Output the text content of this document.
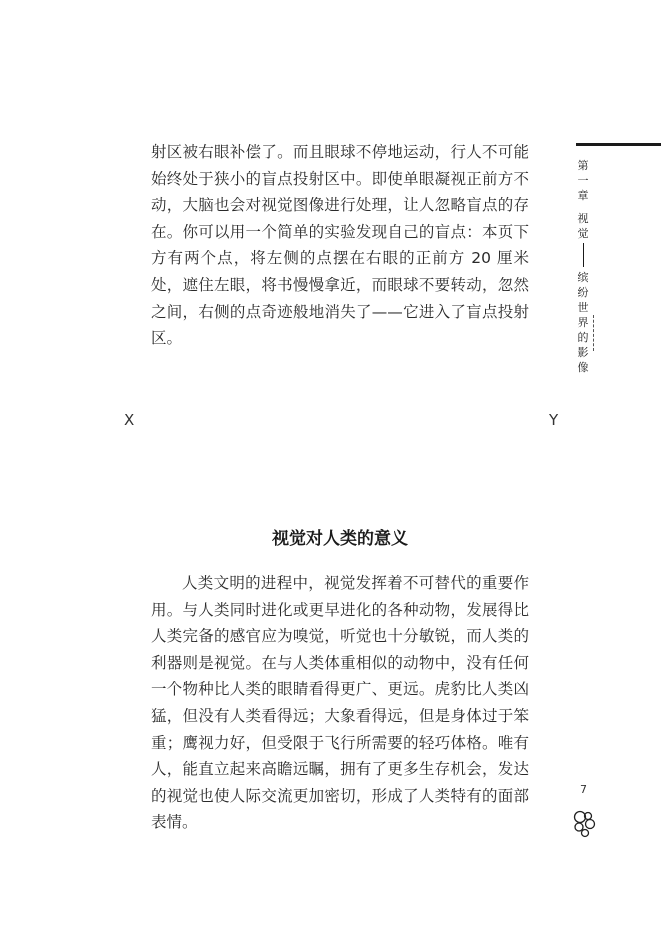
射区被右眼补偿了。而且眼球不停地运动，行人不可能始终处于狭小的盲点投射区中。即使单眼凝视正前方不动，大脑也会对视觉图像进行处理，让人忽略盲点的存在。你可以用一个简单的实验发现自己的盲点：本页下方有两个点，将左侧的点摆在右眼的正前方 20 厘米处，遮住左眼，将书慢慢拿近，而眼球不要转动，忽然之间，右侧的点奇迹般地消失了——它进入了盲点投射区。

X	Y
视觉对人类的意义

人类文明的进程中，视觉发挥着不可替代的重要作用。与人类同时进化或更早进化的各种动物，发展得比人类完备的感官应为嗅觉，听觉也十分敏锐，而人类的利器则是视觉。在与人类体重相似的动物中，没有任何一个物种比人类的眼睛看得更广、更远。虎豹比人类凶猛，但没有人类看得远；大象看得远，但是身体过于笨重；鹰视力好，但受限于飞行所需要的轻巧体格。唯有人，能直立起来高瞻远瞩，拥有了更多生存机会，发达的视觉也使人际交流更加密切，形成了人类特有的面部表情。

第
一
章
视
觉
缤
纷
世
界
的
影
像
7
